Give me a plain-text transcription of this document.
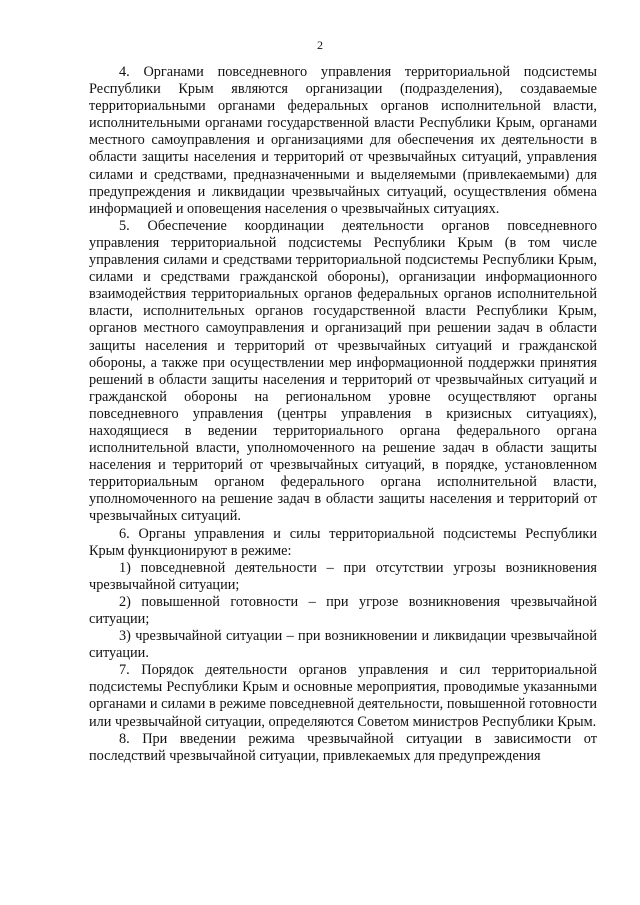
2

4. Органами повседневного управления территориальной подсистемы Республики Крым являются организации (подразделения), создаваемые территориальными органами федеральных органов исполнительной власти, исполнительными органами государственной власти Республики Крым, органами местного самоуправления и организациями для обеспечения их деятельности в области защиты населения и территорий от чрезвычайных ситуаций, управления силами и средствами, предназначенными и выделяемыми (привлекаемыми) для предупреждения и ликвидации чрезвычайных ситуаций, осуществления обмена информацией и оповещения населения о чрезвычайных ситуациях.

5. Обеспечение координации деятельности органов повседневного управления территориальной подсистемы Республики Крым (в том числе управления силами и средствами территориальной подсистемы Республики Крым, силами и средствами гражданской обороны), организации информационного взаимодействия территориальных органов федеральных органов исполнительной власти, исполнительных органов государственной власти Республики Крым, органов местного самоуправления и организаций при решении задач в области защиты населения и территорий от чрезвычайных ситуаций и гражданской обороны, а также при осуществлении мер информационной поддержки принятия решений в области защиты населения и территорий от чрезвычайных ситуаций и гражданской обороны на региональном уровне осуществляют органы повседневного управления (центры управления в кризисных ситуациях), находящиеся в ведении территориального органа федерального органа исполнительной власти, уполномоченного на решение задач в области защиты населения и территорий от чрезвычайных ситуаций, в порядке, установленном территориальным органом федерального органа исполнительной власти, уполномоченного на решение задач в области защиты населения и территорий от чрезвычайных ситуаций.

6. Органы управления и силы территориальной подсистемы Республики Крым функционируют в режиме:

1) повседневной деятельности – при отсутствии угрозы возникновения чрезвычайной ситуации;

2) повышенной готовности – при угрозе возникновения чрезвычайной ситуации;

3) чрезвычайной ситуации – при возникновении и ликвидации чрезвычайной ситуации.

7. Порядок деятельности органов управления и сил территориальной подсистемы Республики Крым и основные мероприятия, проводимые указанными органами и силами в режиме повседневной деятельности, повышенной готовности или чрезвычайной ситуации, определяются Советом министров Республики Крым.

8. При введении режима чрезвычайной ситуации в зависимости от последствий чрезвычайной ситуации, привлекаемых для предупреждения
